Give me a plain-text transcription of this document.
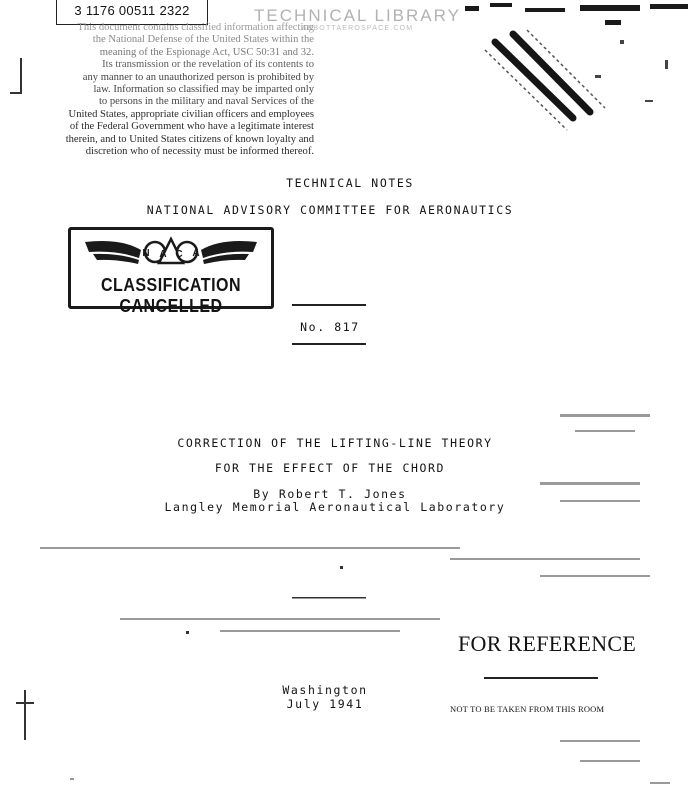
3 1176 00511 2322	TECHNICAL LIBRARY
ABBOTTAEROSPACE.COM
This document contains classified information affecting
the National Defense of the United States within the
meaning of the Espionage Act, USC 50:31 and 32.
Its transmission or the revelation of its contents to
any manner to an unauthorized person is prohibited by
law. Information so classified may be imparted only
to persons in the military and naval Services of the
United States, appropriate civilian officers and employees
of the Federal Government who have a legitimate interest
therein, and to United States citizens of known loyalty and
discretion who of necessity must be informed thereof.
TECHNICAL NOTES
NATIONAL ADVISORY COMMITTEE FOR AERONAUTICS
N A C A
CLASSIFICATION CANCELLED
No. 817
CORRECTION OF THE LIFTING-LINE THEORY
FOR THE EFFECT OF THE CHORD
By Robert T. Jones
Langley Memorial Aeronautical Laboratory
Washington
July 1941
FOR REFERENCE
NOT TO BE TAKEN FROM THIS ROOM
